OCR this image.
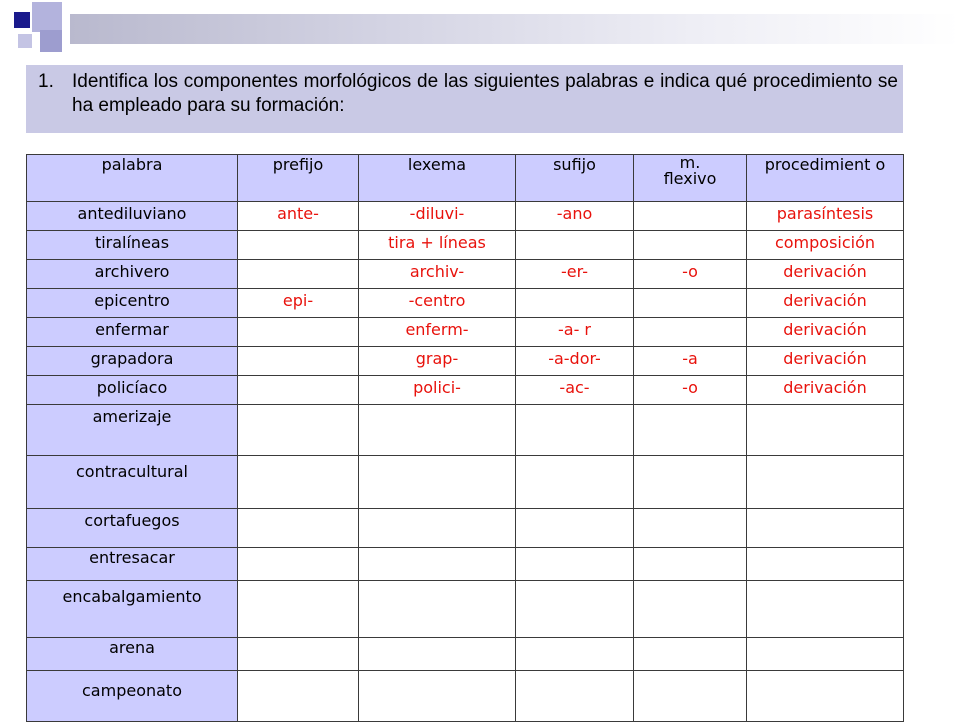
1. Identifica los componentes morfológicos de las siguientes palabras e indica qué procedimiento se ha empleado para su formación:
palabra	prefijo	lexema	sufijo	m. flexivo	procedimient o
antediluviano	ante-	-diluvi-	-ano		parasíntesis
tiralíneas		tira + líneas			composición
archivero		archiv-	-er-	-o	derivación
epicentro	epi-	-centro			derivación
enfermar		enferm-	-a- r		derivación
grapadora		grap-	-a-dor-	-a	derivación
policíaco		polici-	-ac-	-o	derivación
amerizaje					
contracultural					
cortafuegos					
entresacar					
encabalgamiento					
arena					
campeonato					
